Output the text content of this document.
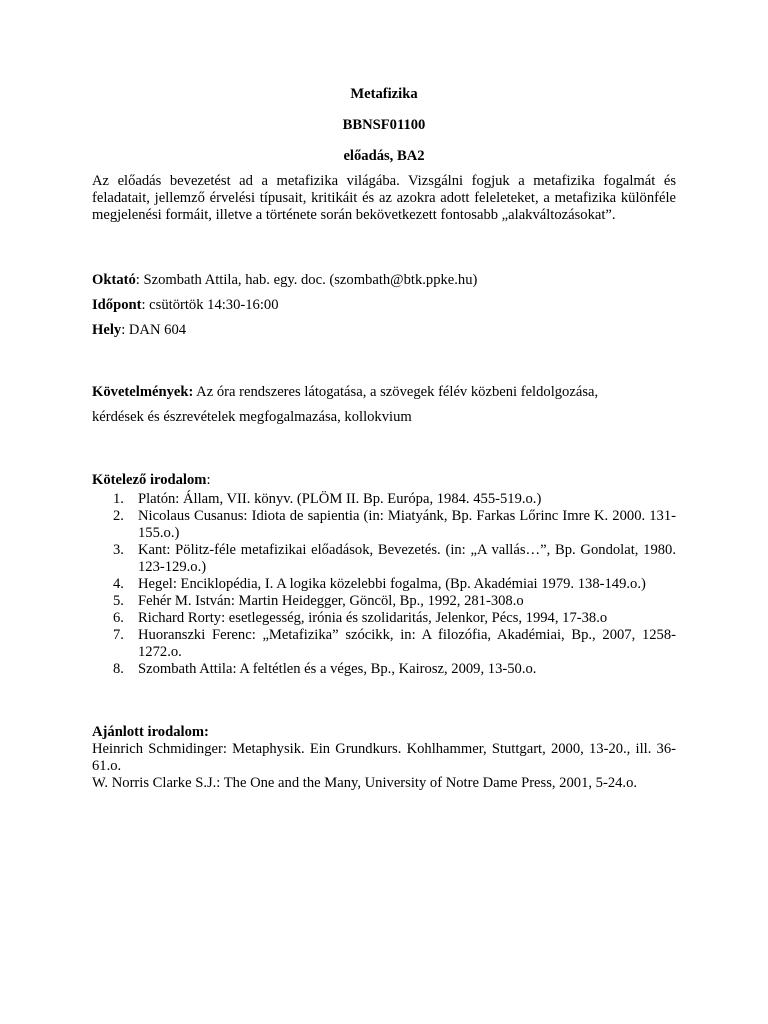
Metafizika

BBNSF01100

előadás, BA2

Az előadás bevezetést ad a metafizika világába. Vizsgálni fogjuk a metafizika fogalmát és feladatait, jellemző érvelési típusait, kritikáit és az azokra adott feleleteket, a metafizika különféle megjelenési formáit, illetve a története során bekövetkezett fontosabb „alakváltozásokat”.

Oktató: Szombath Attila, hab. egy. doc. (szombath@btk.ppke.hu)

Időpont: csütörtök 14:30-16:00

Hely: DAN 604

Követelmények: Az óra rendszeres látogatása, a szövegek félév közbeni feldolgozása,

kérdések és észrevételek megfogalmazása, kollokvium

Kötelező irodalom:

1. Platón: Állam, VII. könyv. (PLÖM II. Bp. Európa, 1984. 455-519.o.)
2. Nicolaus Cusanus: Idiota de sapientia (in: Miatyánk, Bp. Farkas Lőrinc Imre K. 2000. 131-155.o.)
3. Kant: Pölitz-féle metafizikai előadások, Bevezetés. (in: „A vallás…”, Bp. Gondolat, 1980. 123-129.o.)
4. Hegel: Enciklopédia, I. A logika közelebbi fogalma, (Bp. Akadémiai 1979. 138-149.o.)
5. Fehér M. István: Martin Heidegger, Göncöl, Bp., 1992, 281-308.o
6. Richard Rorty: esetlegesség, irónia és szolidaritás, Jelenkor, Pécs, 1994, 17-38.o
7. Huoranszki Ferenc: „Metafizika” szócikk, in: A filozófia, Akadémiai, Bp., 2007, 1258-1272.o.
8. Szombath Attila: A feltétlen és a véges, Bp., Kairosz, 2009, 13-50.o.

Ajánlott irodalom:

Heinrich Schmidinger: Metaphysik. Ein Grundkurs. Kohlhammer, Stuttgart, 2000, 13-20., ill. 36-61.o.

W. Norris Clarke S.J.: The One and the Many, University of Notre Dame Press, 2001, 5-24.o.
